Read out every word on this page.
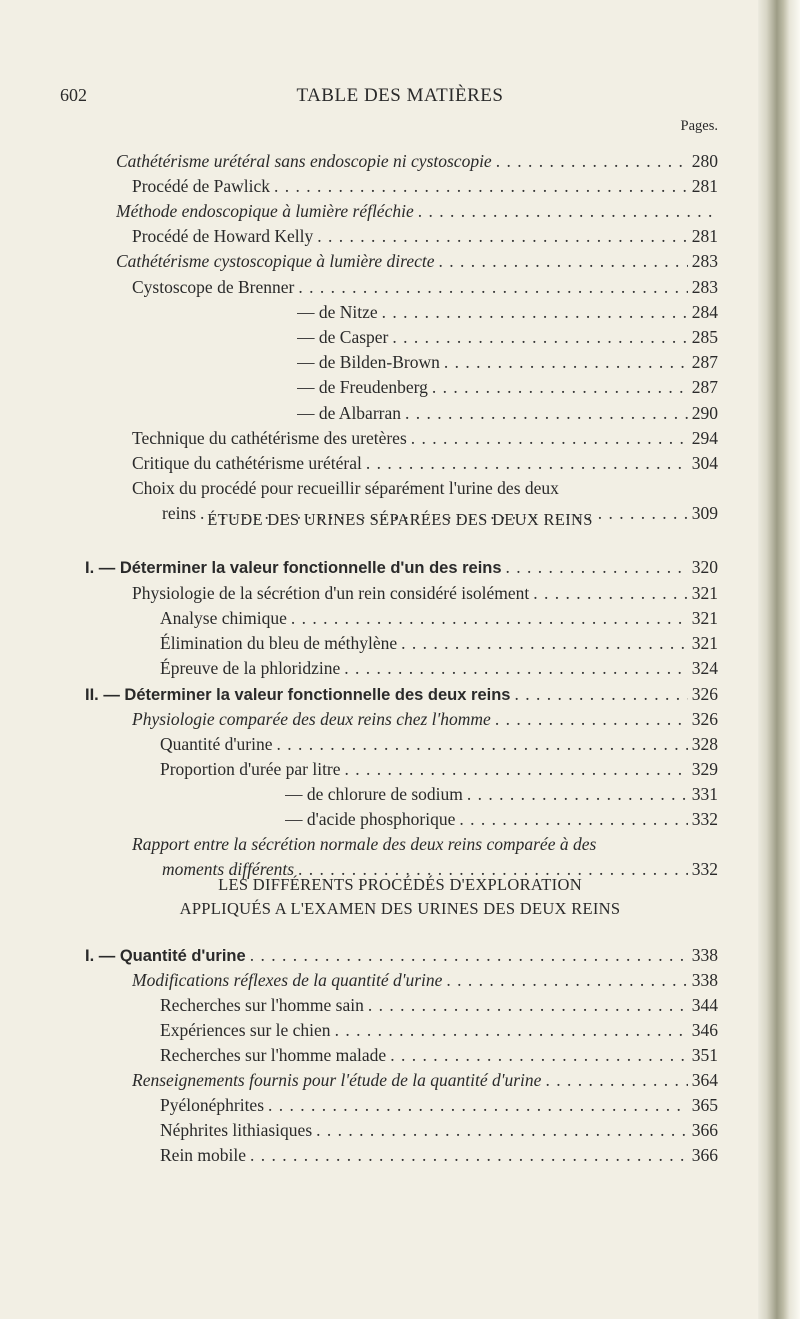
602	TABLE DES MATIÈRES
Pages.
Cathétérisme urétéral sans endoscopie ni cystoscopie . . .	280
Procédé de Pawlick . . .	281
Méthode endoscopique à lumière réfléchie
. . .
Procédé de Howard Kelly . . .	281
Cathétérisme cystoscopique à lumière directe . . .	283
Cystoscope de Brenner . . .	283
— de Nitze . . .	284
— de Casper . . .	285
— de Bilden-Brown . . .	287
— de Freudenberg . . .	287
— de Albarran . . .	290
Technique du cathétérisme des uretères . . .	294
Critique du cathétérisme urétéral . . .	304
Choix du procédé pour recueillir séparément l'urine des deux
reins . . .	309
I. — Déterminer la valeur fonctionnelle d'un des reins . . .	320
Physiologie de la sécrétion d'un rein considéré isolément . . .	321
Analyse chimique . . .	321
Élimination du bleu de méthylène . . .	321
Épreuve de la phloridzine . . .	324
II. — Déterminer la valeur fonctionnelle des deux reins . . .	326
Physiologie comparée des deux reins chez l'homme . . .	326
Quantité d'urine . . .	328
Proportion d'urée par litre . . .	329
— de chlorure de sodium . . .	331
— d'acide phosphorique . . .	332
Rapport entre la sécrétion normale des deux reins comparée à des
moments différents . . .	332
I. — Quantité d'urine . . .	338
Modifications réflexes de la quantité d'urine . . .	338
Recherches sur l'homme sain . . .	344
Expériences sur le chien . . .	346
Recherches sur l'homme malade . . .	351
Renseignements fournis pour l'étude de la quantité d'urine . . .	364
Pyélonéphrites . . .	365
Néphrites lithiasiques . . .	366
Rein mobile . . .	366
ÉTUDE DES URINES SÉPARÉES DES DEUX REINS
LES DIFFÉRENTS PROCÉDÉS D'EXPLORATION
APPLIQUÉS A L'EXAMEN DES URINES DES DEUX REINS
